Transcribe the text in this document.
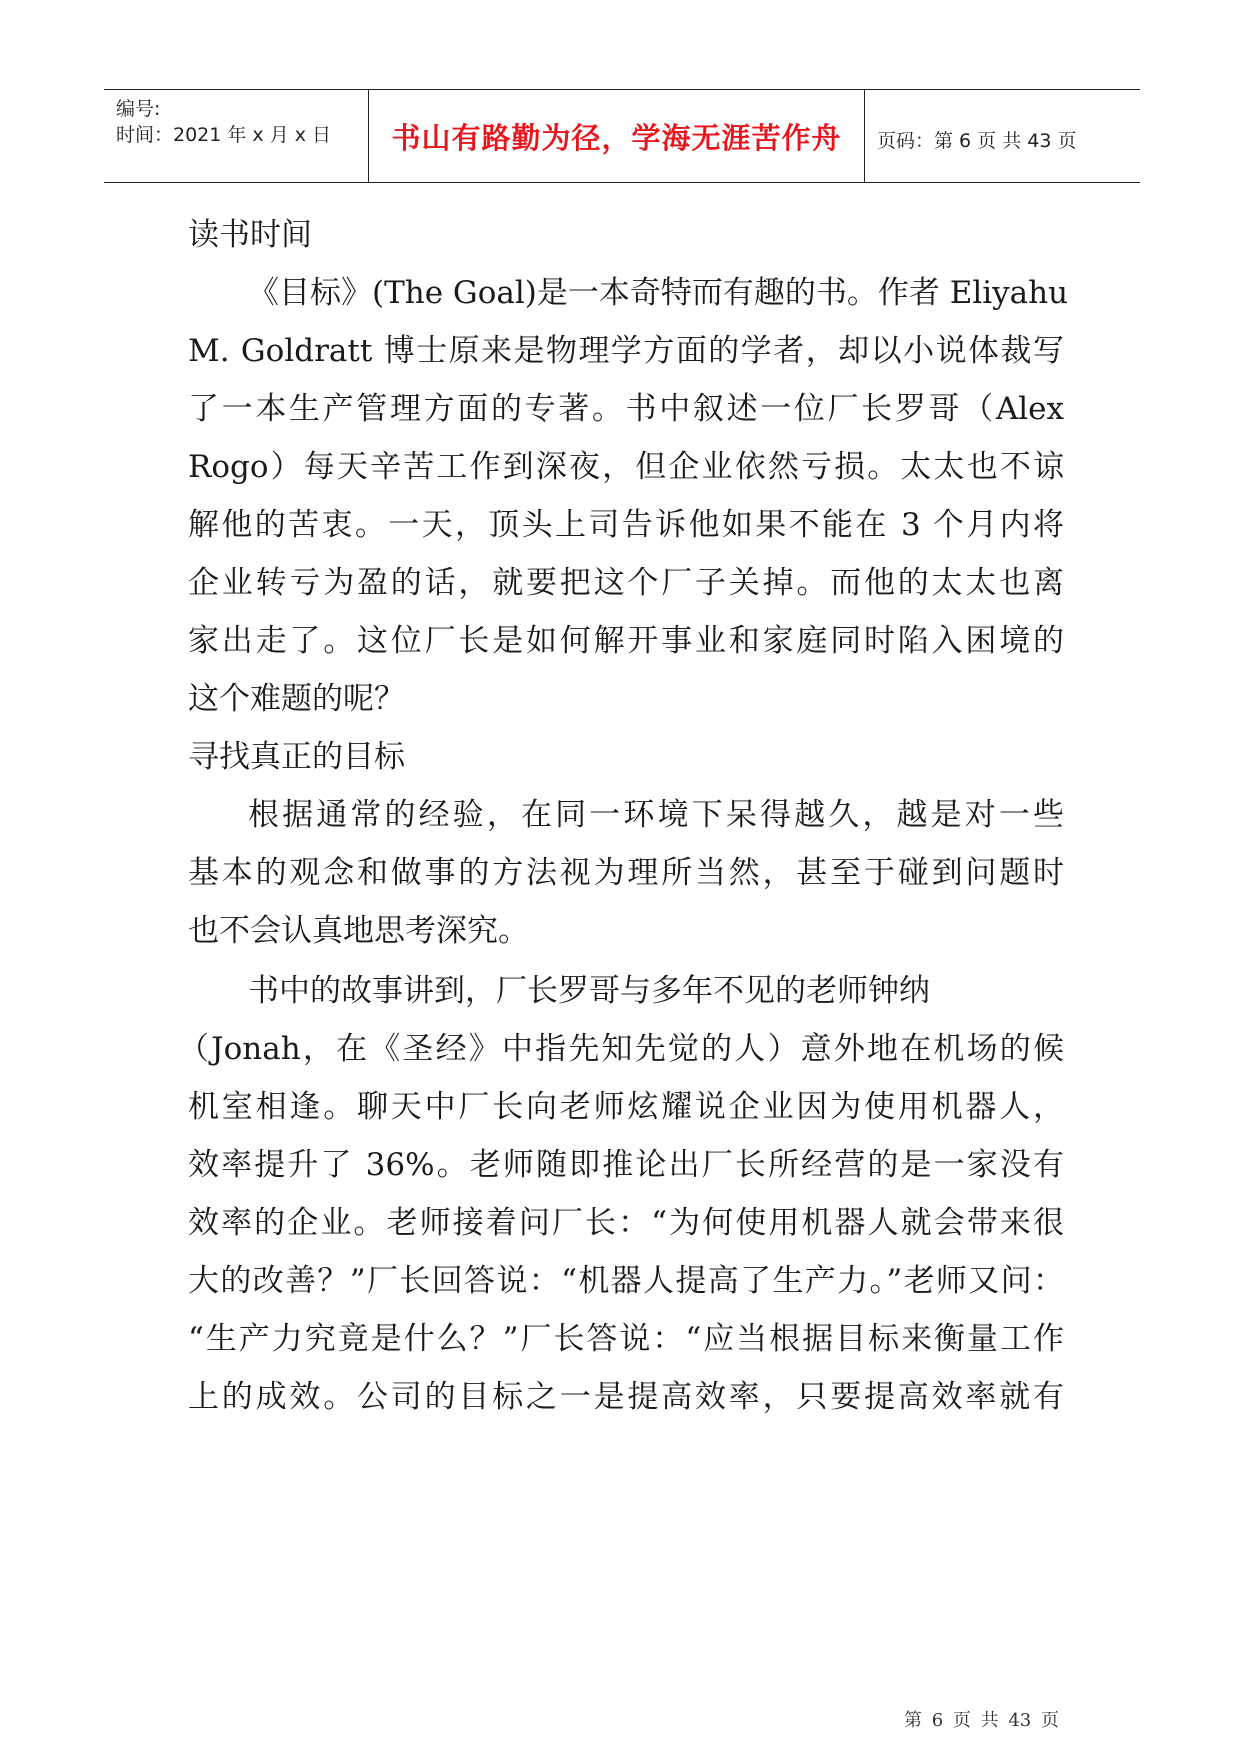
编号:
时间：2021 年 x 月 x 日	书山有路勤为径，学海无涯苦作舟	页码：第 6 页 共 43 页
读书时间
《目标》(The Goal)是一本奇特而有趣的书。作者 Eliyahu
M. Goldratt 博士原来是物理学方面的学者，却以小说体裁写
了一本生产管理方面的专著。书中叙述一位厂长罗哥（Alex
Rogo）每天辛苦工作到深夜，但企业依然亏损。太太也不谅
解他的苦衷。一天，顶头上司告诉他如果不能在 3 个月内将
企业转亏为盈的话，就要把这个厂子关掉。而他的太太也离
家出走了。这位厂长是如何解开事业和家庭同时陷入困境的
这个难题的呢？
寻找真正的目标
根据通常的经验，在同一环境下呆得越久，越是对一些
基本的观念和做事的方法视为理所当然，甚至于碰到问题时
也不会认真地思考深究。
书中的故事讲到，厂长罗哥与多年不见的老师钟纳
（Jonah，在《圣经》中指先知先觉的人）意外地在机场的候
机室相逢。聊天中厂长向老师炫耀说企业因为使用机器人，
效率提升了 36%。老师随即推论出厂长所经营的是一家没有
效率的企业。老师接着问厂长：“为何使用机器人就会带来很
大的改善？”厂长回答说：“机器人提高了生产力。”老师又问：
“生产力究竟是什么？”厂长答说：“应当根据目标来衡量工作
上的成效。公司的目标之一是提高效率，只要提高效率就有
第 6 页 共 43 页
